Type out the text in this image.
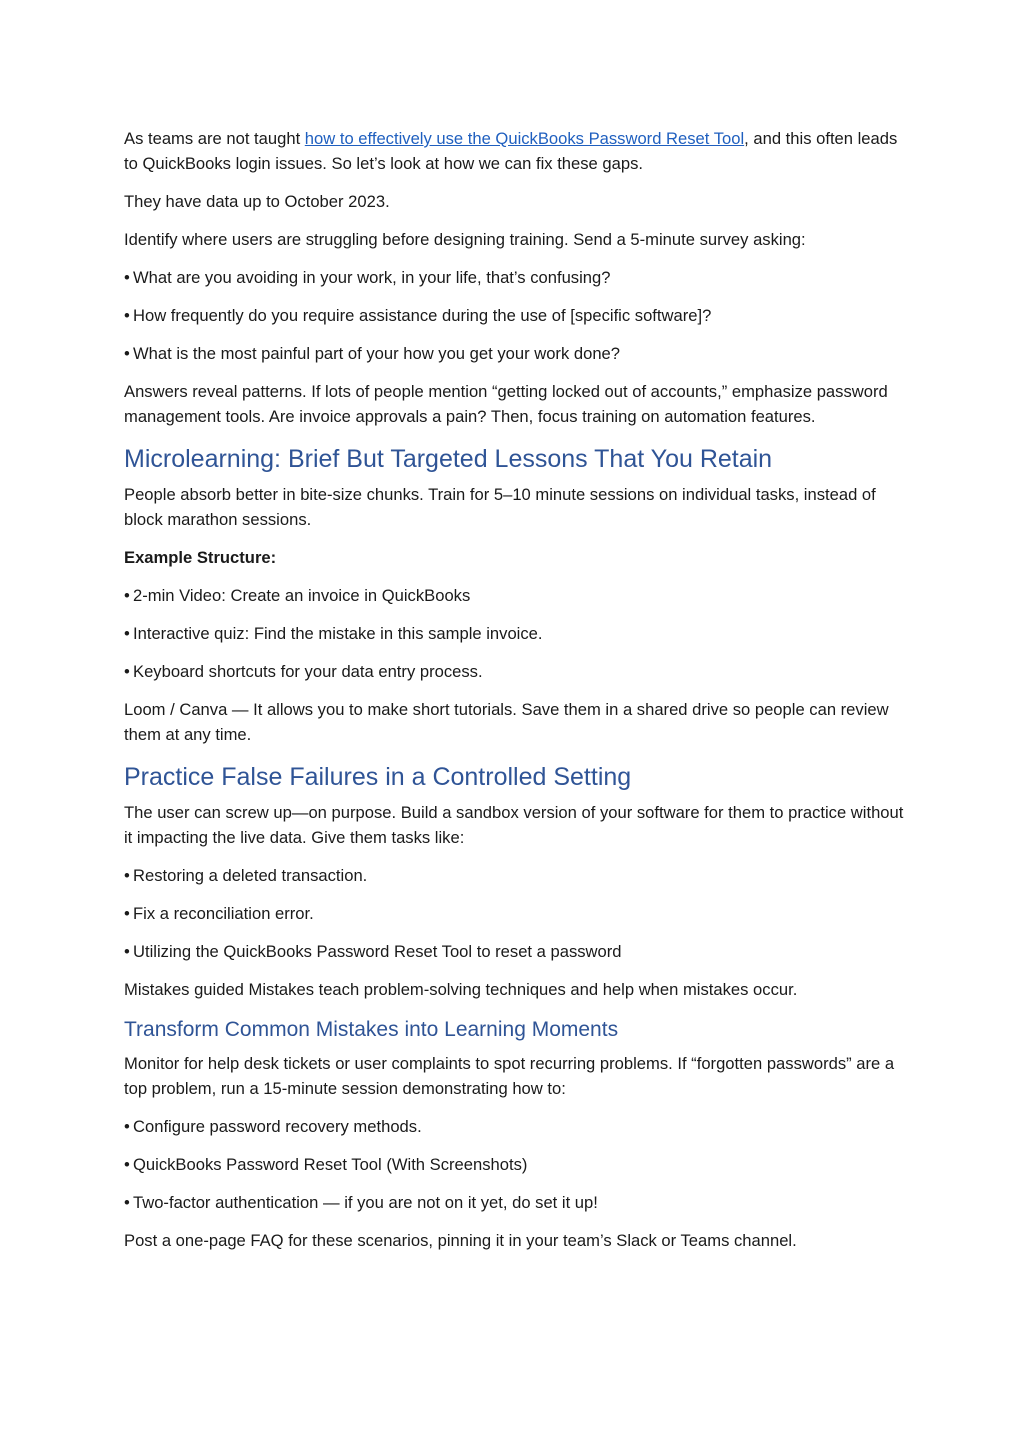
As teams are not taught how to effectively use the QuickBooks Password Reset Tool, and this often leads to QuickBooks login issues. So let’s look at how we can fix these gaps.

They have data up to October 2023.

Identify where users are struggling before designing training. Send a 5-minute survey asking:

• What are you avoiding in your work, in your life, that’s confusing?

• How frequently do you require assistance during the use of [specific software]?

• What is the most painful part of your how you get your work done?

Answers reveal patterns. If lots of people mention “getting locked out of accounts,” emphasize password management tools. Are invoice approvals a pain? Then, focus training on automation features.

Microlearning: Brief But Targeted Lessons That You Retain

People absorb better in bite-size chunks. Train for 5–10 minute sessions on individual tasks, instead of block marathon sessions.

Example Structure:

• 2-min Video: Create an invoice in QuickBooks

• Interactive quiz: Find the mistake in this sample invoice.

• Keyboard shortcuts for your data entry process.

Loom / Canva — It allows you to make short tutorials. Save them in a shared drive so people can review them at any time.

Practice False Failures in a Controlled Setting

The user can screw up—on purpose. Build a sandbox version of your software for them to practice without it impacting the live data. Give them tasks like:

• Restoring a deleted transaction.

• Fix a reconciliation error.

• Utilizing the QuickBooks Password Reset Tool to reset a password

Mistakes guided Mistakes teach problem-solving techniques and help when mistakes occur.

Transform Common Mistakes into Learning Moments

Monitor for help desk tickets or user complaints to spot recurring problems. If “forgotten passwords” are a top problem, run a 15-minute session demonstrating how to:

• Configure password recovery methods.

• QuickBooks Password Reset Tool (With Screenshots)

• Two-factor authentication — if you are not on it yet, do set it up!

Post a one-page FAQ for these scenarios, pinning it in your team’s Slack or Teams channel.
